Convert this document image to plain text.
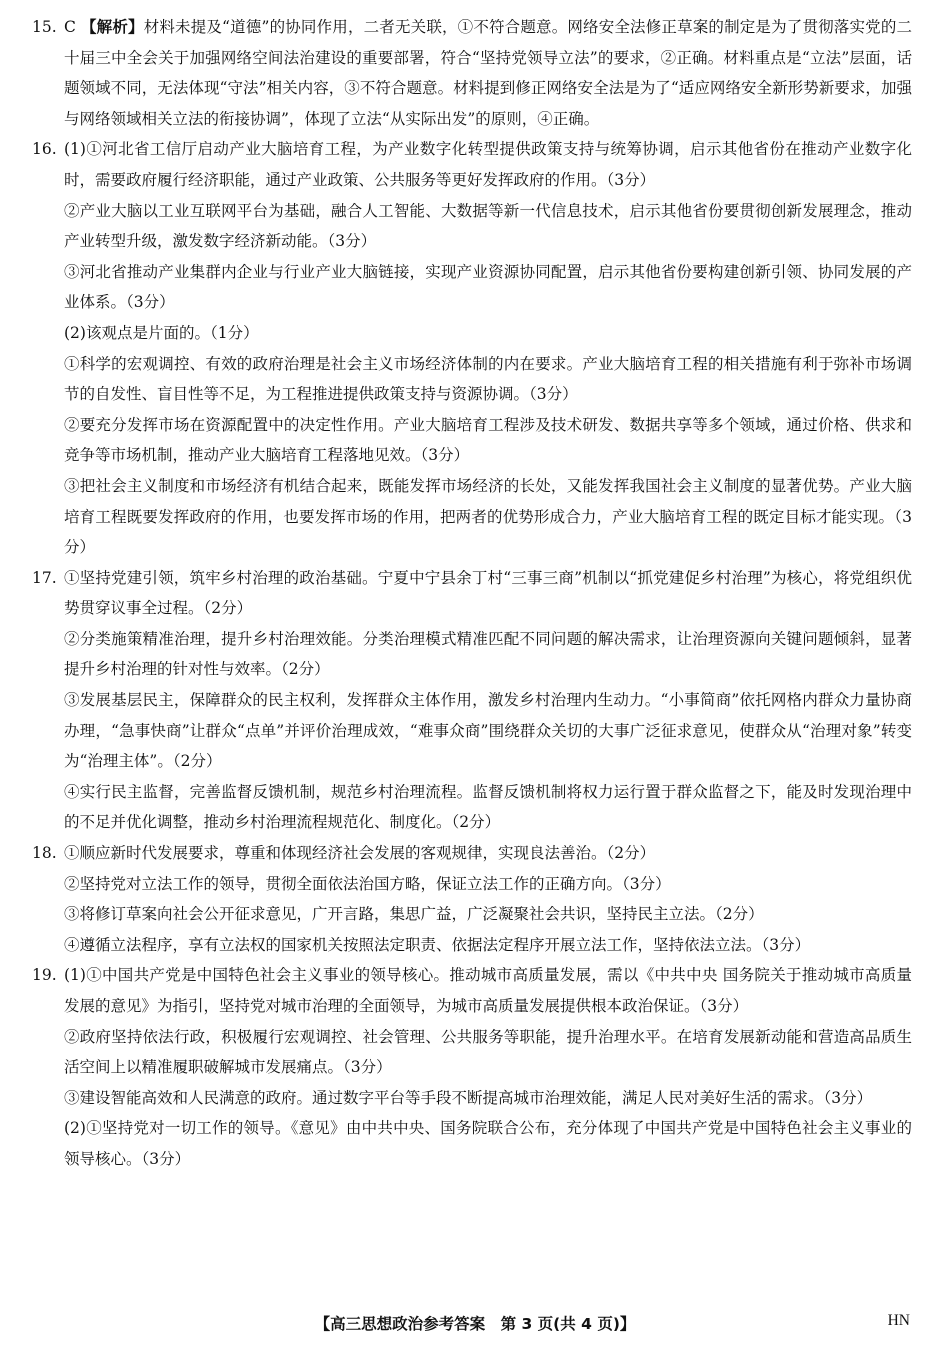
15. C 【解析】材料未提及“道德”的协同作用，二者无关联，①不符合题意。网络安全法修正草案的制定是为了贯彻落实党的二十届三中全会关于加强网络空间法治建设的重要部署，符合“坚持党领导立法”的要求，②正确。材料重点是“立法”层面，话题领域不同，无法体现“守法”相关内容，③不符合题意。材料提到修正网络安全法是为了“适应网络安全新形势新要求，加强与网络领域相关立法的衔接协调”，体现了立法“从实际出发”的原则，④正确。
16. (1)①河北省工信厅启动产业大脑培育工程，为产业数字化转型提供政策支持与统筹协调，启示其他省份在推动产业数字化时，需要政府履行经济职能，通过产业政策、公共服务等更好发挥政府的作用。（3分）
②产业大脑以工业互联网平台为基础，融合人工智能、大数据等新一代信息技术，启示其他省份要贯彻创新发展理念，推动产业转型升级，激发数字经济新动能。（3分）
③河北省推动产业集群内企业与行业产业大脑链接，实现产业资源协同配置，启示其他省份要构建创新引领、协同发展的产业体系。（3分）
(2)该观点是片面的。（1分）
①科学的宏观调控、有效的政府治理是社会主义市场经济体制的内在要求。产业大脑培育工程的相关措施有利于弥补市场调节的自发性、盲目性等不足，为工程推进提供政策支持与资源协调。（3分）
②要充分发挥市场在资源配置中的决定性作用。产业大脑培育工程涉及技术研发、数据共享等多个领域，通过价格、供求和竞争等市场机制，推动产业大脑培育工程落地见效。（3分）
③把社会主义制度和市场经济有机结合起来，既能发挥市场经济的长处，又能发挥我国社会主义制度的显著优势。产业大脑培育工程既要发挥政府的作用，也要发挥市场的作用，把两者的优势形成合力，产业大脑培育工程的既定目标才能实现。（3分）
17. ①坚持党建引领，筑牢乡村治理的政治基础。宁夏中宁县余丁村“三事三商”机制以“抓党建促乡村治理”为核心，将党组织优势贯穿议事全过程。（2分）
②分类施策精准治理，提升乡村治理效能。分类治理模式精准匹配不同问题的解决需求，让治理资源向关键问题倾斜，显著提升乡村治理的针对性与效率。（2分）
③发展基层民主，保障群众的民主权利，发挥群众主体作用，激发乡村治理内生动力。“小事简商”依托网格内群众力量协商办理，“急事快商”让群众“点单”并评价治理成效，“难事众商”围绕群众关切的大事广泛征求意见，使群众从“治理对象”转变为“治理主体”。（2分）
④实行民主监督，完善监督反馈机制，规范乡村治理流程。监督反馈机制将权力运行置于群众监督之下，能及时发现治理中的不足并优化调整，推动乡村治理流程规范化、制度化。（2分）
18. ①顺应新时代发展要求，尊重和体现经济社会发展的客观规律，实现良法善治。（2分）
②坚持党对立法工作的领导，贯彻全面依法治国方略，保证立法工作的正确方向。（3分）
③将修订草案向社会公开征求意见，广开言路，集思广益，广泛凝聚社会共识，坚持民主立法。（2分）
④遵循立法程序，享有立法权的国家机关按照法定职责、依据法定程序开展立法工作，坚持依法立法。（3分）
19. (1)①中国共产党是中国特色社会主义事业的领导核心。推动城市高质量发展，需以《中共中央 国务院关于推动城市高质量发展的意见》为指引，坚持党对城市治理的全面领导，为城市高质量发展提供根本政治保证。（3分）
②政府坚持依法行政，积极履行宏观调控、社会管理、公共服务等职能，提升治理水平。在培育发展新动能和营造高品质生活空间上以精准履职破解城市发展痛点。（3分）
③建设智能高效和人民满意的政府。通过数字平台等手段不断提高城市治理效能，满足人民对美好生活的需求。（3分）
(2)①坚持党对一切工作的领导。《意见》由中共中央、国务院联合公布，充分体现了中国共产党是中国特色社会主义事业的领导核心。（3分）
【高三思想政治参考答案　第 3 页(共 4 页)】	HN
